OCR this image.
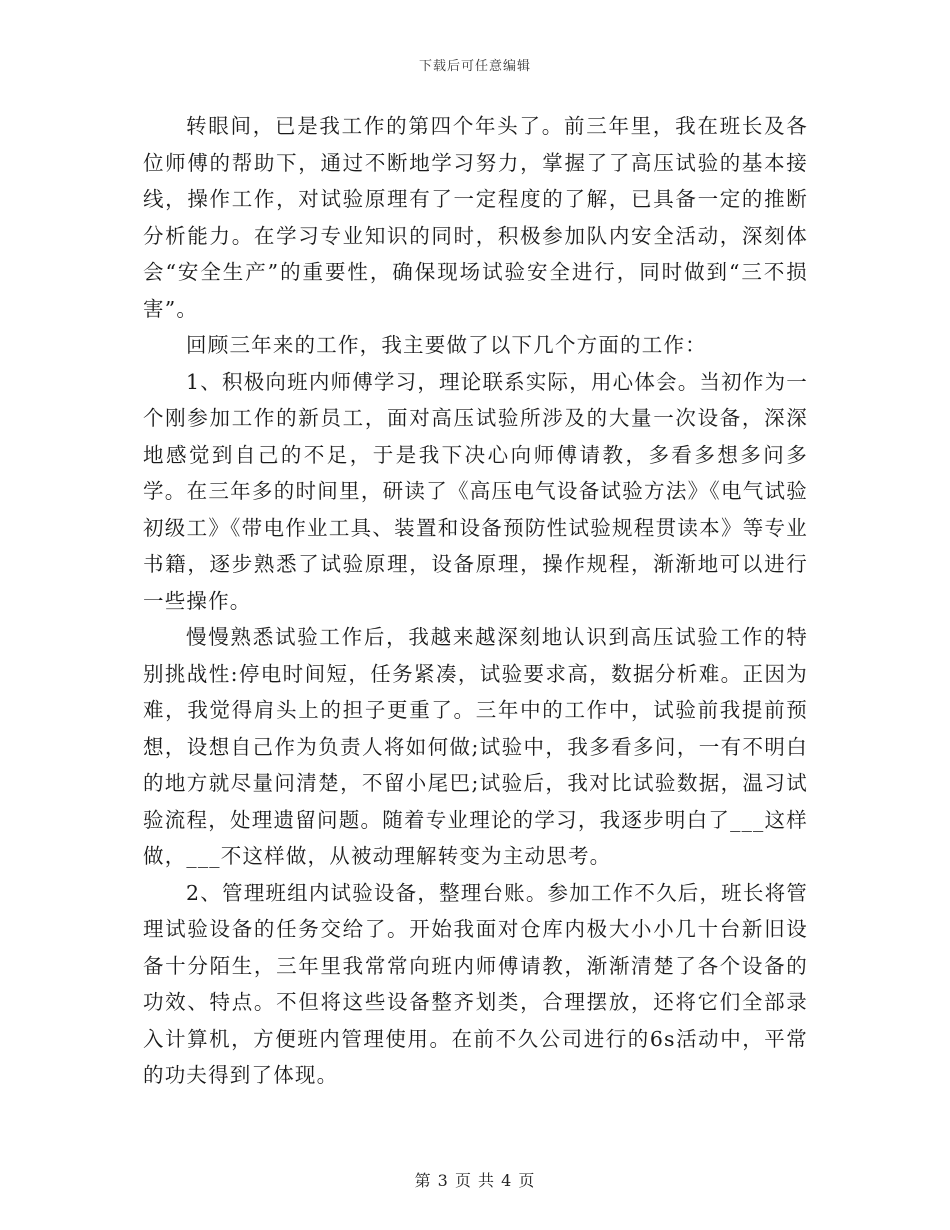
下载后可任意编辑

转眼间，已是我工作的第四个年头了。前三年里，我在班长及各位师傅的帮助下，通过不断地学习努力，掌握了了高压试验的基本接线，操作工作，对试验原理有了一定程度的了解，已具备一定的推断分析能力。在学习专业知识的同时，积极参加队内安全活动，深刻体会“安全生产”的重要性，确保现场试验安全进行，同时做到“三不损害”。

回顾三年来的工作，我主要做了以下几个方面的工作：

1、积极向班内师傅学习，理论联系实际，用心体会。当初作为一个刚参加工作的新员工，面对高压试验所涉及的大量一次设备，深深地感觉到自己的不足，于是我下决心向师傅请教，多看多想多问多学。在三年多的时间里，研读了《高压电气设备试验方法》《电气试验初级工》《带电作业工具、装置和设备预防性试验规程贯读本》等专业书籍，逐步熟悉了试验原理，设备原理，操作规程，渐渐地可以进行一些操作。

慢慢熟悉试验工作后，我越来越深刻地认识到高压试验工作的特别挑战性:停电时间短，任务紧凑，试验要求高，数据分析难。正因为难，我觉得肩头上的担子更重了。三年中的工作中，试验前我提前预想，设想自己作为负责人将如何做;试验中，我多看多问，一有不明白的地方就尽量问清楚，不留小尾巴;试验后，我对比试验数据，温习试验流程，处理遗留问题。随着专业理论的学习，我逐步明白了___这样做，___不这样做，从被动理解转变为主动思考。

2、管理班组内试验设备，整理台账。参加工作不久后，班长将管理试验设备的任务交给了。开始我面对仓库内极大小小几十台新旧设备十分陌生，三年里我常常向班内师傅请教，渐渐清楚了各个设备的功效、特点。不但将这些设备整齐划类，合理摆放，还将它们全部录入计算机，方便班内管理使用。在前不久公司进行的6s活动中，平常的功夫得到了体现。

第 3 页 共 4 页
